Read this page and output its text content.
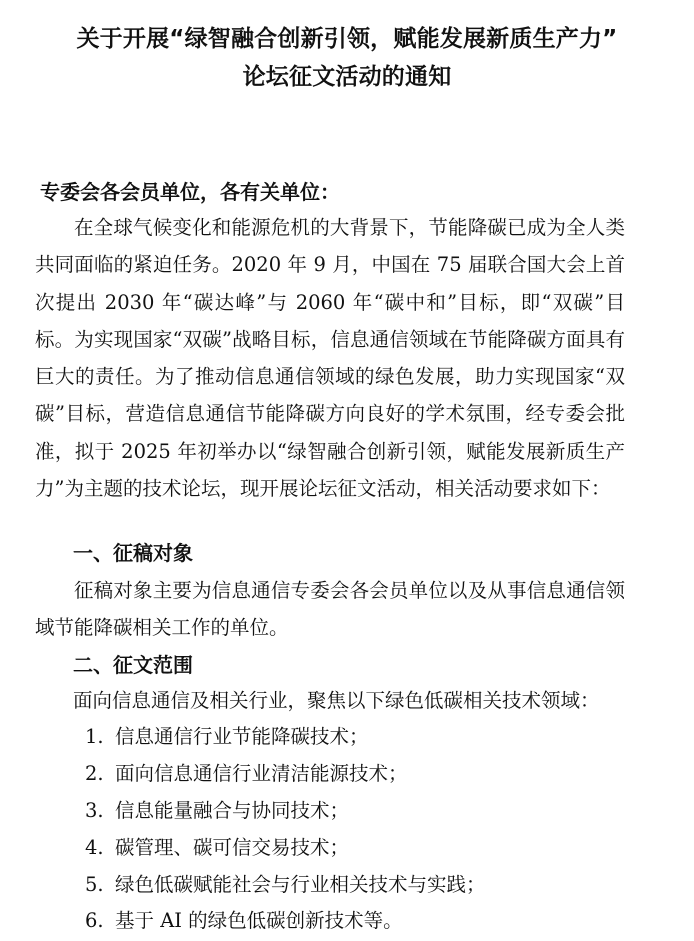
关于开展“绿智融合创新引领，赋能发展新质生产力”
论坛征文活动的通知
专委会各会员单位，各有关单位：
在全球气候变化和能源危机的大背景下，节能降碳已成为全人类共同面临的紧迫任务。2020 年 9 月，中国在 75 届联合国大会上首次提出 2030 年“碳达峰”与 2060 年“碳中和”目标，即“双碳”目标。为实现国家“双碳”战略目标，信息通信领域在节能降碳方面具有巨大的责任。为了推动信息通信领域的绿色发展，助力实现国家“双碳”目标，营造信息通信节能降碳方向良好的学术氛围，经专委会批准，拟于 2025 年初举办以“绿智融合创新引领，赋能发展新质生产力”为主题的技术论坛，现开展论坛征文活动，相关活动要求如下：
一、征稿对象
征稿对象主要为信息通信专委会各会员单位以及从事信息通信领域节能降碳相关工作的单位。
二、征文范围
面向信息通信及相关行业，聚焦以下绿色低碳相关技术领域：
1. 信息通信行业节能降碳技术；
2. 面向信息通信行业清洁能源技术；
3. 信息能量融合与协同技术；
4. 碳管理、碳可信交易技术；
5. 绿色低碳赋能社会与行业相关技术与实践；
6. 基于 AI 的绿色低碳创新技术等。
